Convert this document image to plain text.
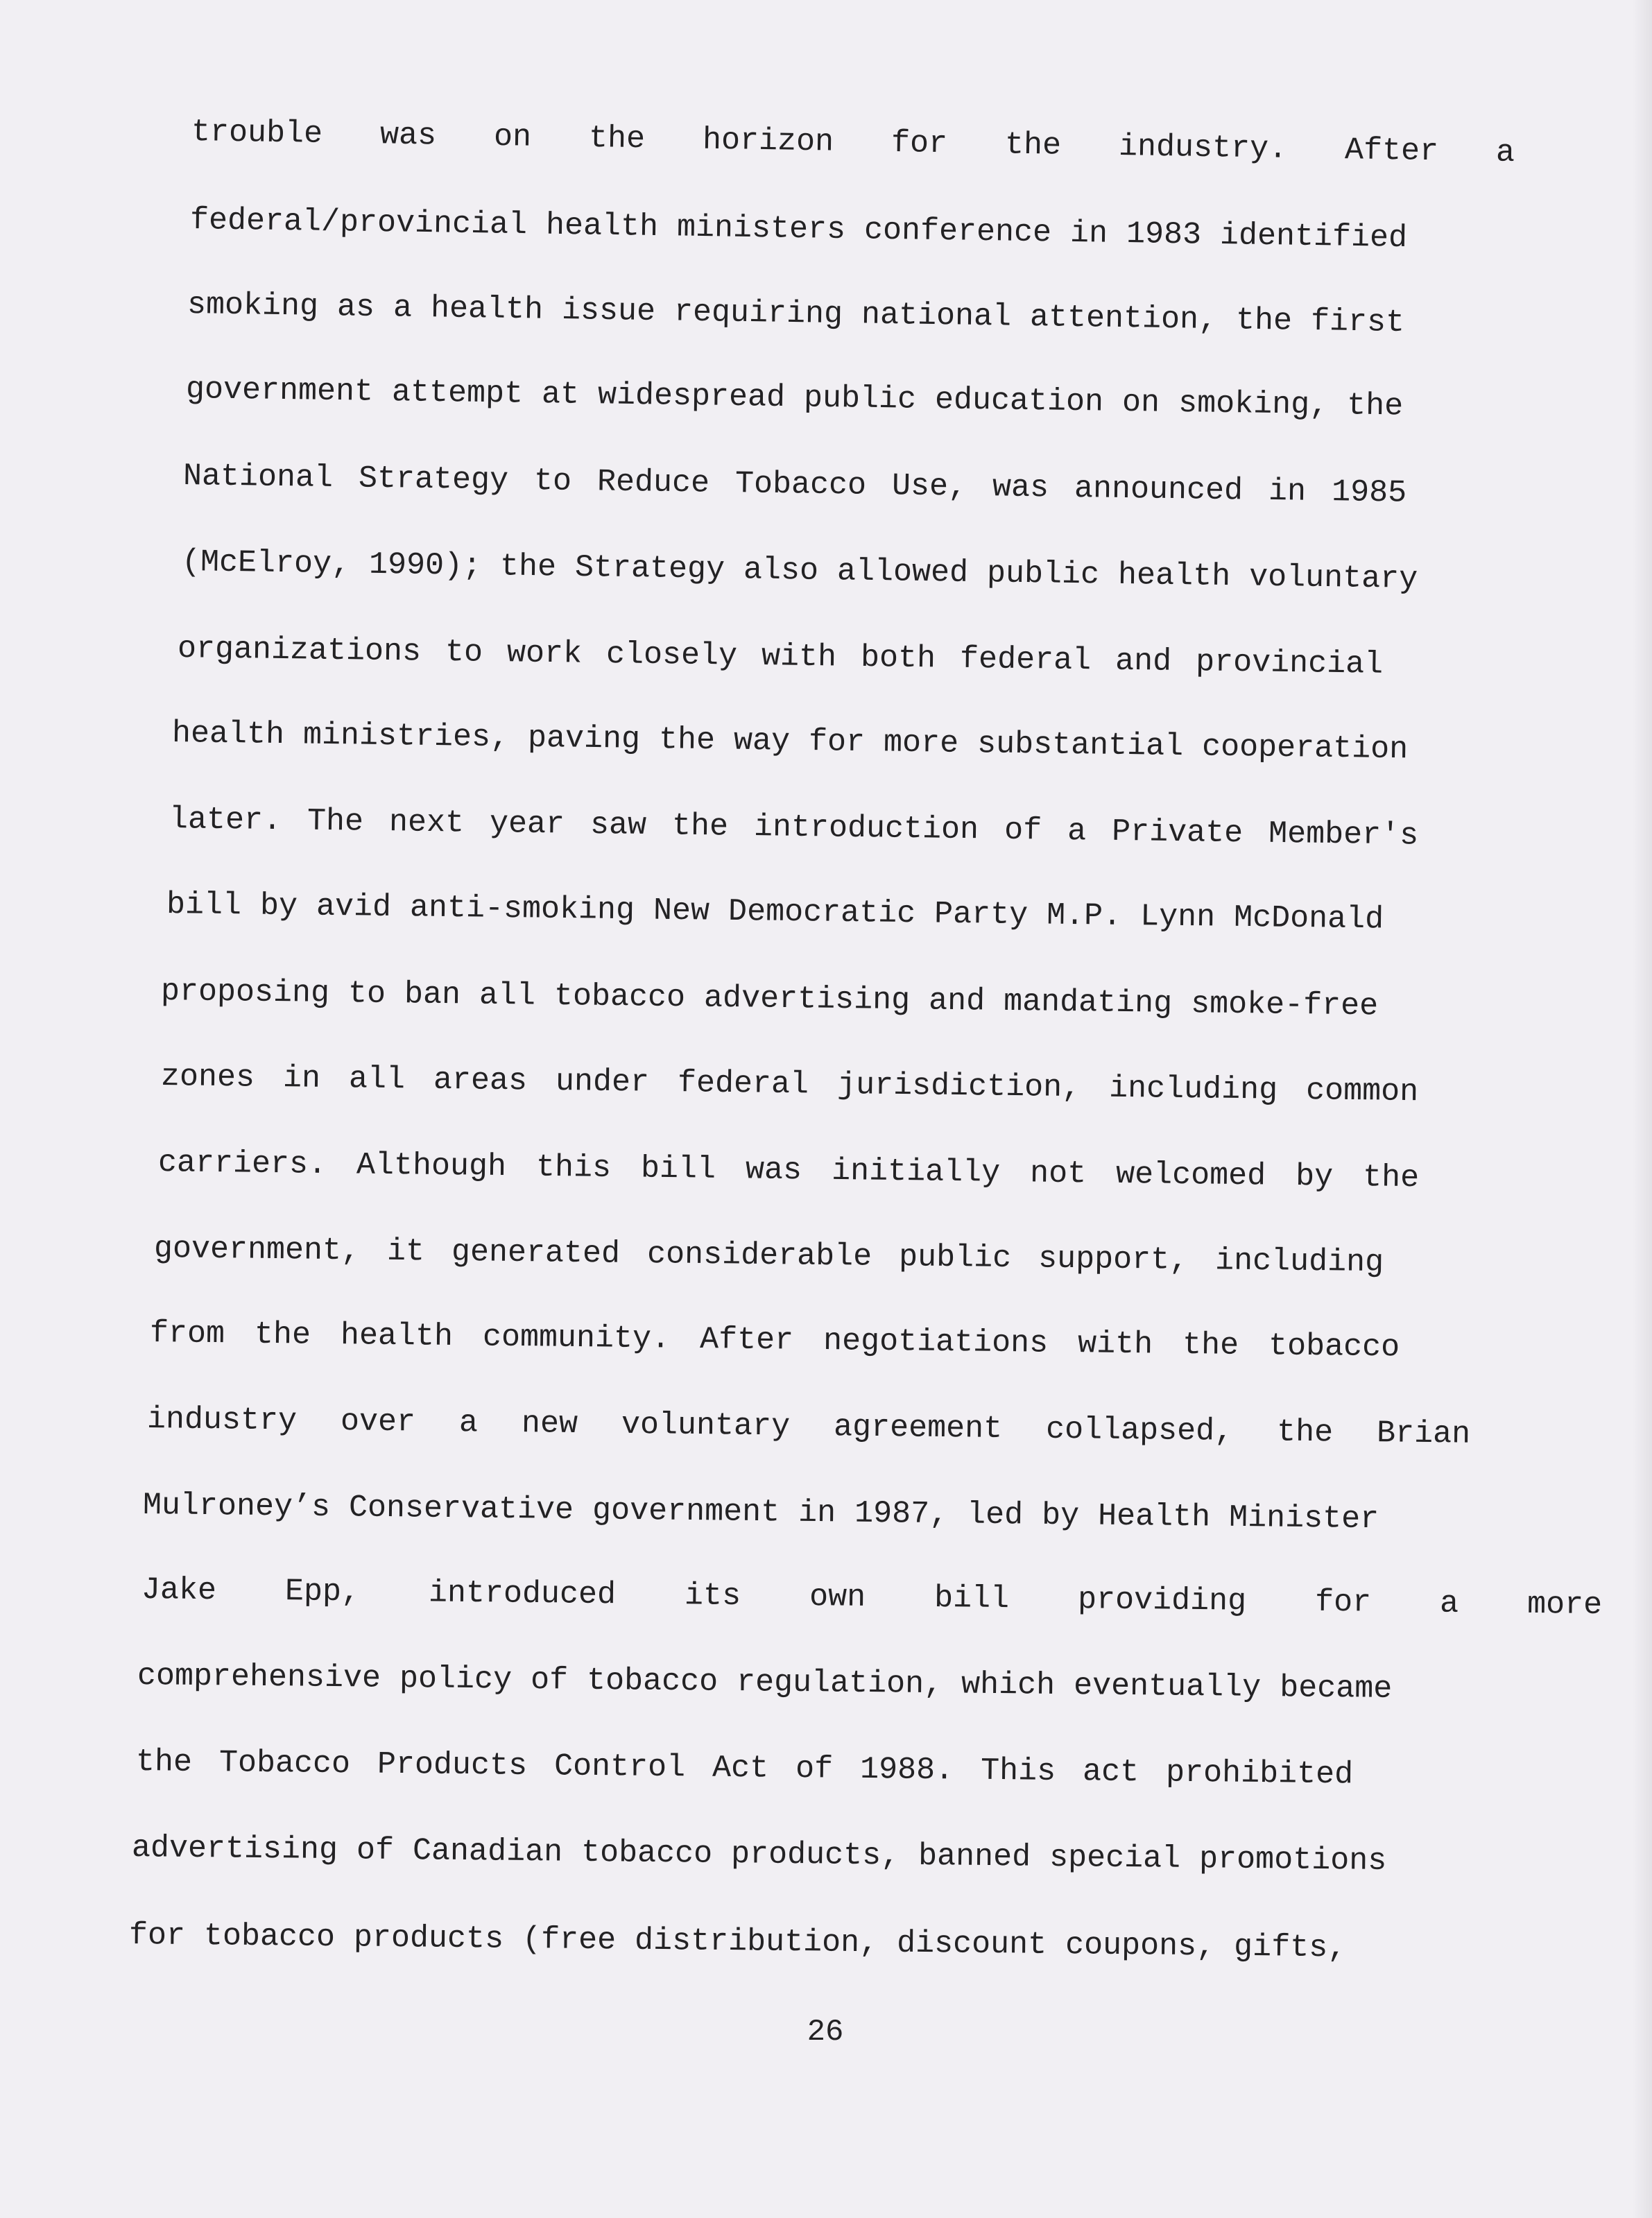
trouble was on the horizon for the industry. After a
federal/provincial health ministers conference in 1983 identified
smoking as a health issue requiring national attention, the first
government attempt at widespread public education on smoking, the
National Strategy to Reduce Tobacco Use, was announced in 1985
(McElroy, 1990); the Strategy also allowed public health voluntary
organizations to work closely with both federal and provincial
health ministries, paving the way for more substantial cooperation
later. The next year saw the introduction of a Private Member's
bill by avid anti-smoking New Democratic Party M.P. Lynn McDonald
proposing to ban all tobacco advertising and mandating smoke-free
zones in all areas under federal jurisdiction, including common
carriers. Although this bill was initially not welcomed by the
government, it generated considerable public support, including
from the health community. After negotiations with the tobacco
industry over a new voluntary agreement collapsed, the Brian
Mulroney’s Conservative government in 1987, led by Health Minister
Jake Epp, introduced its own bill providing for a more
comprehensive policy of tobacco regulation, which eventually became
the Tobacco Products Control Act of 1988. This act prohibited
advertising of Canadian tobacco products, banned special promotions
for tobacco products (free distribution, discount coupons, gifts,
26
